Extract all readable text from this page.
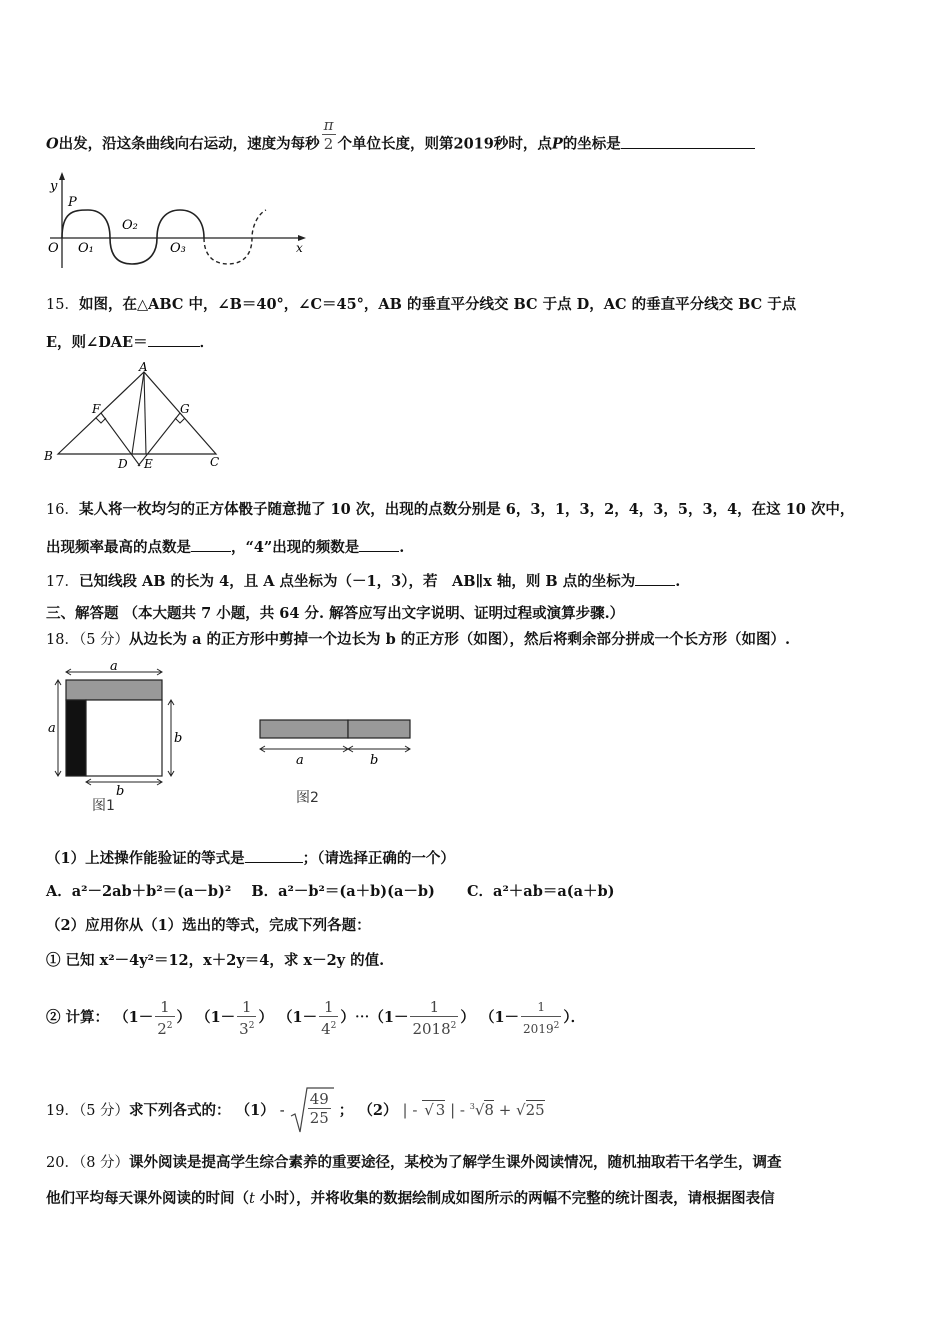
O出发，沿这条曲线向右运动，速度为每秒 $\frac{\pi}{2}$ 个单位长度，则第2019秒时，点P的坐标是
y
P
O O₁
O₂
O₃	x
15．如图，在△ABC 中，∠B＝40°，∠C＝45°，AB 的垂直平分线交 BC 于点 D，AC 的垂直平分线交 BC 于点
E，则∠DAE＝	．
A
B	C
D E
F	G
16．某人将一枚均匀的正方体骰子随意抛了 10 次，出现的点数分别是 6，3，1，3，2，4，3，5，3，4，在这 10 次中，
出现频率最高的点数是	，“4”出现的频数是	.
17．已知线段 AB 的长为 4，且 A 点坐标为（－1，3），若　AB∥x 轴，则 B 点的坐标为	.
三、解答题 （本大题共 7 小题，共 64 分. 解答应写出文字说明、证明过程或演算步骤.）
18．（5 分）从边长为 a 的正方形中剪掉一个边长为 b 的正方形（如图），然后将剩余部分拼成一个长方形（如图）.
a
a
b
b
图1
a	b
图2
（1）上述操作能验证的等式是	；（请选择正确的一个）
A．a²－2ab＋b²＝(a－b)² B．a²－b²＝(a＋b)(a－b) C．a²＋ab＝a(a＋b)
（2）应用你从（1）选出的等式，完成下列各题：
① 已知 x²－4y²＝12，x＋2y＝4，求 x－2y 的值.
② 计算： （$1- \frac{1}{2^2}$ ） （$1- \frac{1}{3^2}$ ） （$1- \frac{1}{4^2}$ ）⋯（1－ $\frac{1}{2018^2}$ ） （$1- \frac{1}{2019^2}$ ）．
19．（5 分）求下列各式的： $(1) - \frac{49}{25}$ ； （2） | - √ 3 | - $^3$√8 + √25
20．（8 分）课外阅读是提高学生综合素养的重要途径，某校为了解学生课外阅读情况，随机抽取若干名学生，调查
他们平均每天课外阅读的时间（t 小时），并将收集的数据绘制成如图所示的两幅不完整的统计图表，请根据图表信
